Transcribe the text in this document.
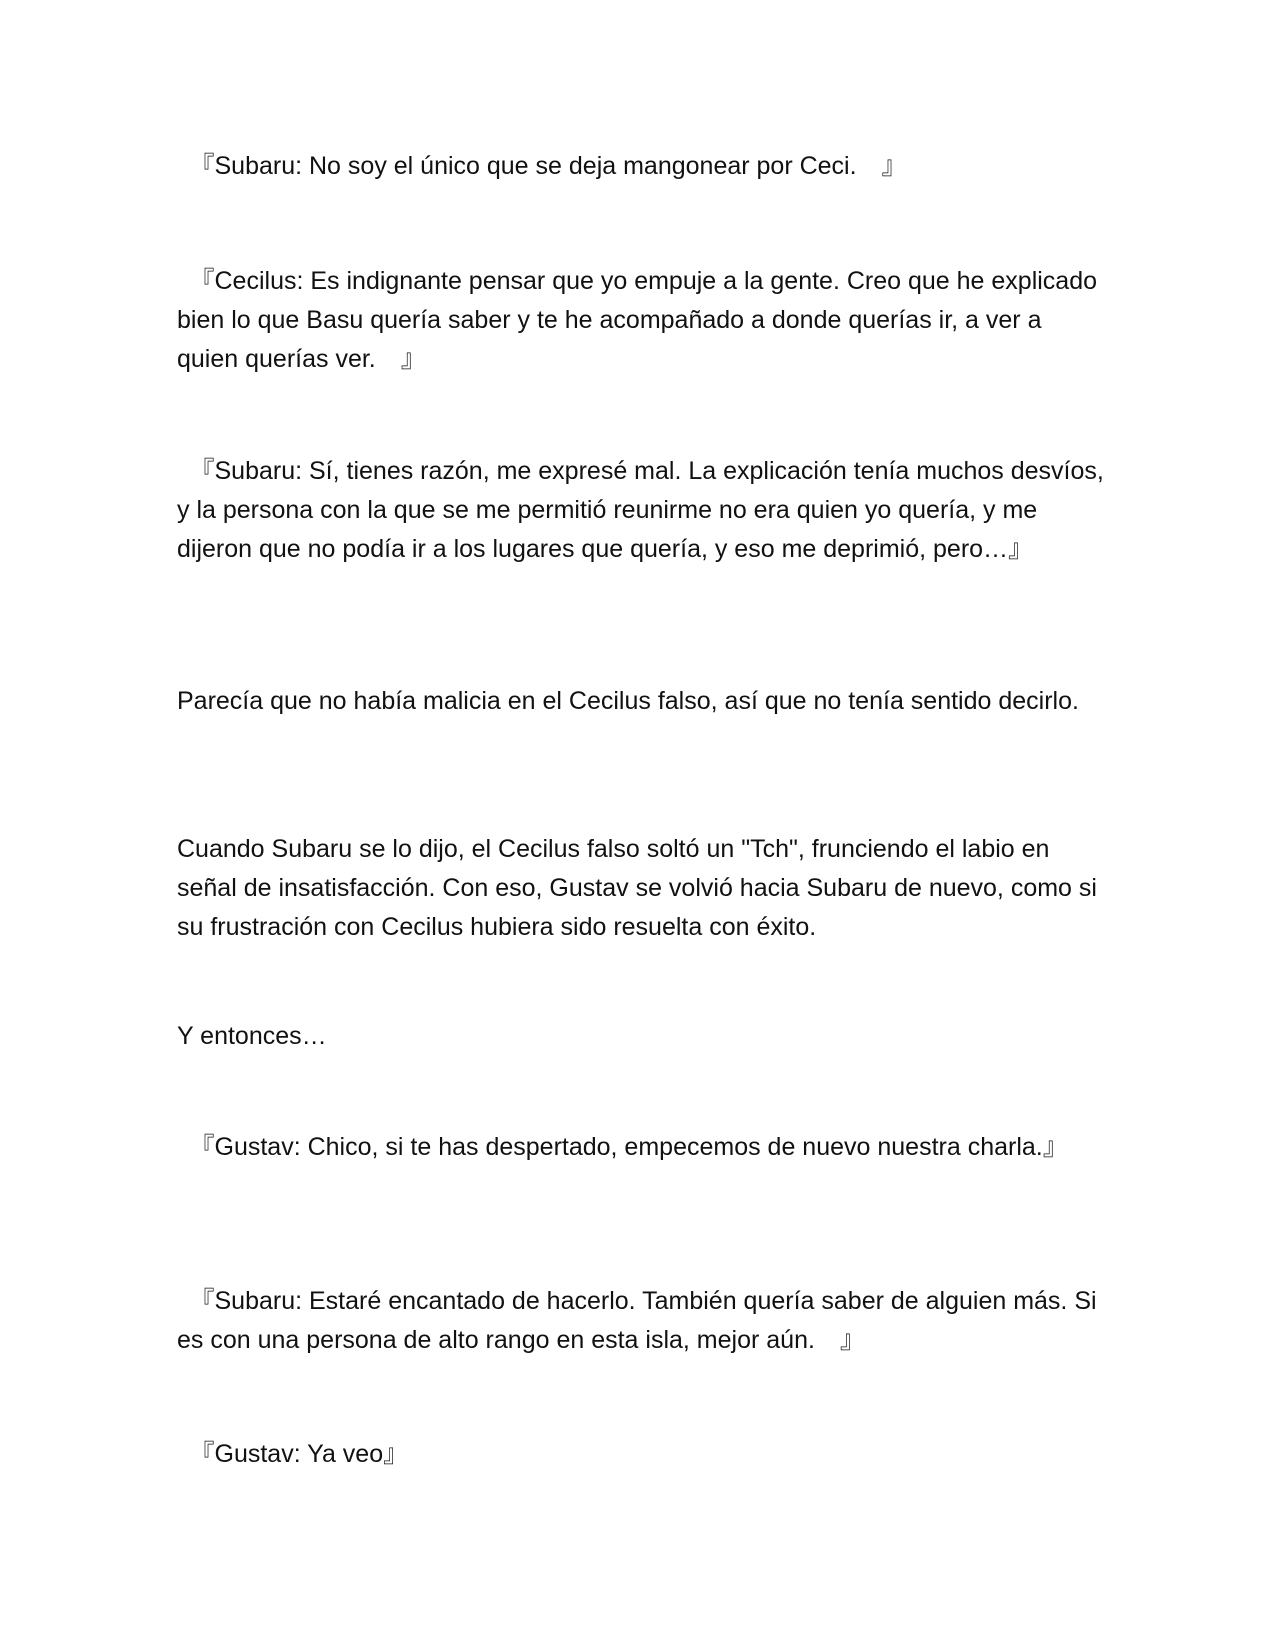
　『Subaru: No soy el único que se deja mangonear por Ceci.　』

　『Cecilus: Es indignante pensar que yo empuje a la gente. Creo que he explicado bien lo que Basu quería saber y te he acompañado a donde querías ir, a ver a quien querías ver.　』

　『Subaru: Sí, tienes razón, me expresé mal. La explicación tenía muchos desvíos, y la persona con la que se me permitió reunirme no era quien yo quería, y me dijeron que no podía ir a los lugares que quería, y eso me deprimió, pero…』

Parecía que no había malicia en el Cecilus falso, así que no tenía sentido decirlo.

Cuando Subaru se lo dijo, el Cecilus falso soltó un "Tch", frunciendo el labio en señal de insatisfacción. Con eso, Gustav se volvió hacia Subaru de nuevo, como si su frustración con Cecilus hubiera sido resuelta con éxito.

Y entonces…

　『Gustav: Chico, si te has despertado, empecemos de nuevo nuestra charla.』

　『Subaru: Estaré encantado de hacerlo. También quería saber de alguien más. Si es con una persona de alto rango en esta isla, mejor aún.　』

　『Gustav: Ya veo』
